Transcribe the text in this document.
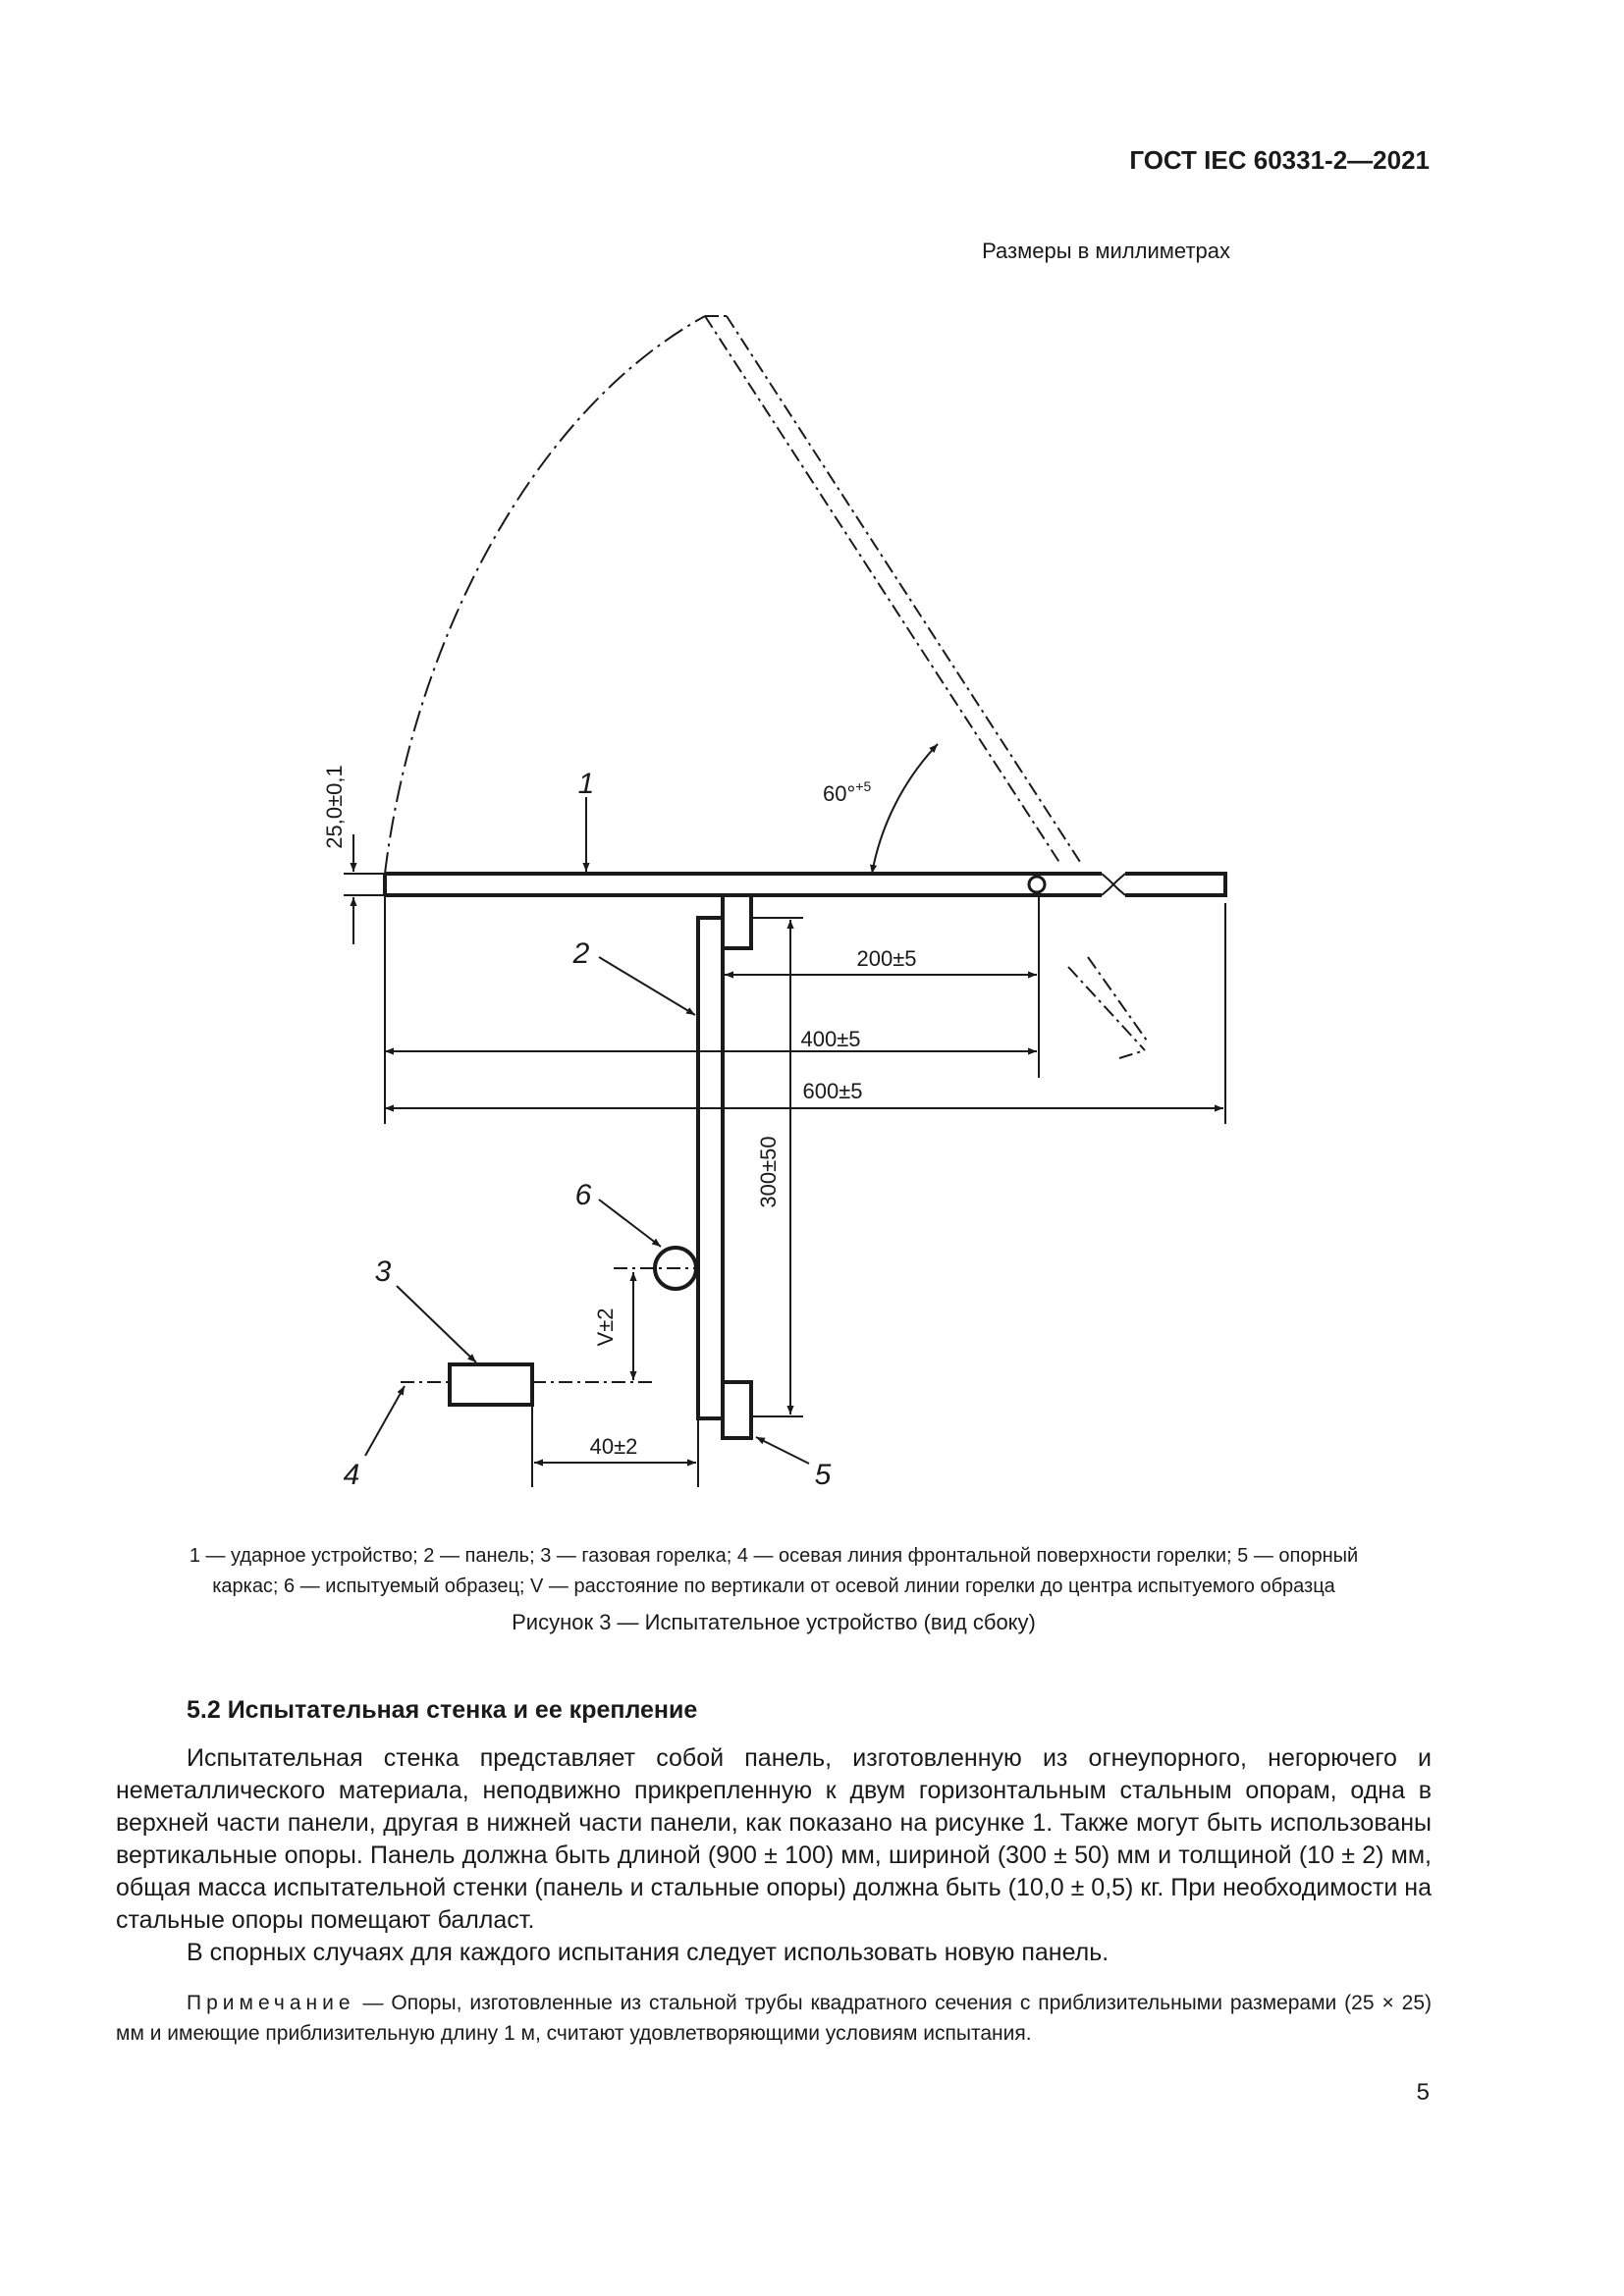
ГОСТ IEC 60331-2—2021
Размеры в миллиметрах
1
2
3
4	5
6
25,0±0,1	60°$^{+5}$
200±5
400±5
600±5
300±50
V±2
40±2
1 — ударное устройство; 2 — панель; 3 — газовая горелка; 4 — осевая линия фронтальной поверхности горелки; 5 — опорный
каркас; 6 — испытуемый образец; V — расстояние по вертикали от осевой линии горелки до центра испытуемого образца
Рисунок 3 — Испытательное устройство (вид сбоку)
5.2 Испытательная стенка и ее крепление

Испытательная стенка представляет собой панель, изготовленную из огнеупорного, негорючего и неметаллического материала, неподвижно прикрепленную к двум горизонтальным стальным опорам, одна в верхней части панели, другая в нижней части панели, как показано на рисунке 1. Также могут быть использованы вертикальные опоры. Панель должна быть длиной (900 ± 100) мм, шириной (300 ± 50) мм и толщиной (10 ± 2) мм, общая масса испытательной стенки (панель и стальные опоры) должна быть (10,0 ± 0,5) кг. При необходимости на стальные опоры помещают балласт.

В спорных случаях для каждого испытания следует использовать новую панель.

Примечание — Опоры, изготовленные из стальной трубы квадратного сечения с приблизительными размерами (25 × 25) мм и имеющие приблизительную длину 1 м, считают удовлетворяющими условиям испытания.

5
